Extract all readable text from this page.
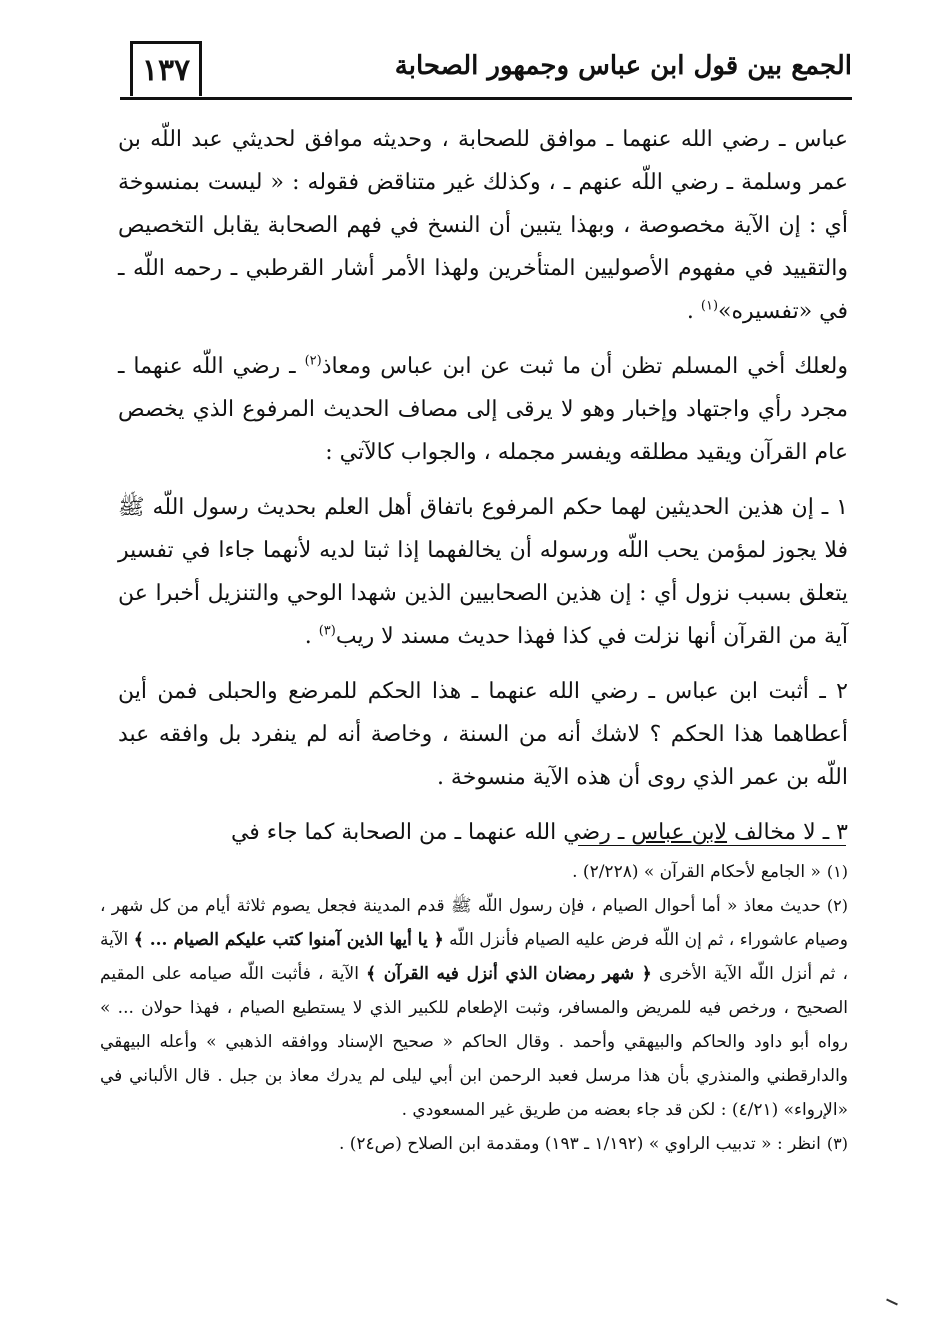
١٣٧	الجمع بين قول ابن عباس وجمهور الصحابة

عباس ـ رضي الله عنهما ـ موافق للصحابة ، وحديثه موافق لحديثي عبد اللّه بن عمر وسلمة ـ رضي اللّه عنهم ـ ، وكذلك غير متناقض فقوله : « ليست بمنسوخة أي : إن الآية مخصوصة ، وبهذا يتبين أن النسخ في فهم الصحابة يقابل التخصيص والتقييد في مفهوم الأصوليين المتأخرين ولهذا الأمر أشار القرطبي ـ رحمه اللّه ـ في «تفسيره»$^{(١)}$ .

ولعلك أخي المسلم تظن أن ما ثبت عن ابن عباس ومعاذ$^{(٢)}$ ـ رضي اللّه عنهما ـ مجرد رأي واجتهاد وإخبار وهو لا يرقى إلى مصاف الحديث المرفوع الذي يخصص عام القرآن ويقيد مطلقه ويفسر مجمله ، والجواب كالآتي :

١ ـ إن هذين الحديثين لهما حكم المرفوع باتفاق أهل العلم بحديث رسول اللّه ﷺ فلا يجوز لمؤمن يحب اللّه ورسوله أن يخالفهما إذا ثبتا لديه لأنهما جاءا في تفسير يتعلق بسبب نزول أي : إن هذين الصحابيين الذين شهدا الوحي والتنزيل أخبرا عن آية من القرآن أنها نزلت في كذا فهذا حديث مسند لا ريب$^{(٣)}$ .

٢ ـ أثبت ابن عباس ـ رضي الله عنهما ـ هذا الحكم للمرضع والحبلى فمن أين أعطاهما هذا الحكم ؟ لاشك أنه من السنة ، وخاصة أنه لم ينفرد بل وافقه عبد اللّه بن عمر الذي روى أن هذه الآية منسوخة .

٣ ـ لا مخالف لابن عباس ـ رضي الله عنهما ـ من الصحابة كما جاء في

(١)« الجامع لأحكام القرآن » (٢/٢٢٨) .

(٢)حديث معاذ « أما أحوال الصيام ، فإن رسول اللّه ﷺ قدم المدينة فجعل يصوم ثلاثة أيام من كل شهر ، وصيام عاشوراء ، ثم إن اللّه فرض عليه الصيام فأنزل اللّه ﴿ يا أيها الذين آمنوا كتب عليكم الصيام ... ﴾ الآية ، ثم أنزل اللّه الآية الأخرى ﴿ شهر رمضان الذي أنزل فيه القرآن ﴾ الآية ، فأثبت اللّه صيامه على المقيم الصحيح ، ورخص فيه للمريض والمسافر، وثبت الإطعام للكبير الذي لا يستطيع الصيام ، فهذا حولان ... » رواه أبو داود والحاكم والبيهقي وأحمد . وقال الحاكم « صحيح الإسناد ووافقه الذهبي » وأعله البيهقي والدارقطني والمنذري بأن هذا مرسل فعبد الرحمن ابن أبي ليلى لم يدرك معاذ بن جبل . قال الألباني في «الإرواء» (٤/٢١) : لكن قد جاء بعضه من طريق غير المسعودي .

(٣)انظر : « تدبيب الراوي » (١/١٩٢ ـ ١٩٣) ومقدمة ابن الصلاح (ص٢٤) .
